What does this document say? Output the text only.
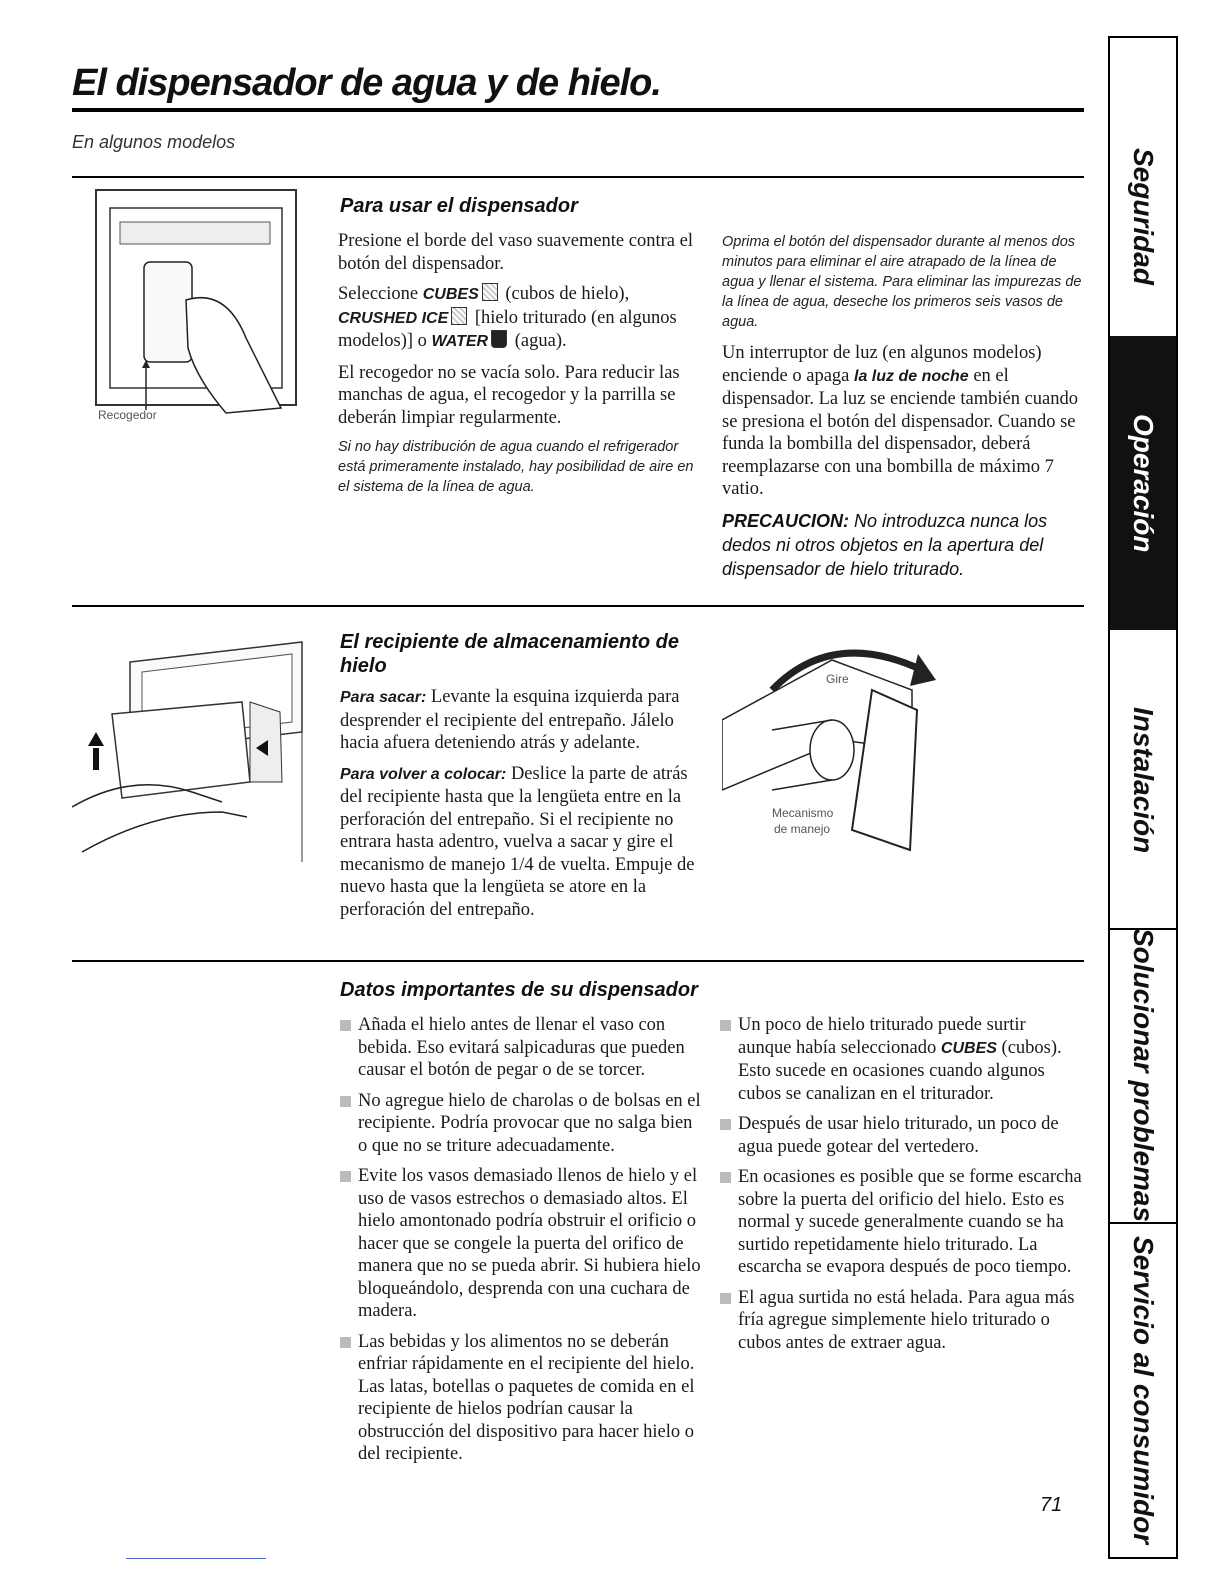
El dispensador de agua y de hielo.
En algunos modelos
Recogedor
Para usar el dispensador

Presione el borde del vaso suavemente contra el botón del dispensador.

Seleccione CUBES (cubos de hielo), CRUSHED ICE [hielo triturado (en algunos modelos)] o WATER (agua).

El recogedor no se vacía solo. Para reducir las manchas de agua, el recogedor y la parrilla se deberán limpiar regularmente.

Si no hay distribución de agua cuando el refrigerador está primeramente instalado, hay posibilidad de aire en el sistema de la línea de agua.

Oprima el botón del dispensador durante al menos dos minutos para eliminar el aire atrapado de la línea de agua y llenar el sistema. Para eliminar las impurezas de la línea de agua, deseche los primeros seis vasos de agua.

Un interruptor de luz (en algunos modelos) enciende o apaga la luz de noche en el dispensador. La luz se enciende también cuando se presiona el botón del dispensador. Cuando se funda la bombilla del dispensador, deberá reemplazarse con una bombilla de máximo 7 vatio.

PRECAUCION: No introduzca nunca los dedos ni otros objetos en la apertura del dispensador de hielo triturado.

El recipiente de almacenamiento de hielo

Para sacar: Levante la esquina izquierda para desprender el recipiente del entrepaño. Jálelo hacia afuera deteniendo atrás y adelante.

Para volver a colocar: Deslice la parte de atrás del recipiente hasta que la lengüeta entre en la perforación del entrepaño. Si el recipiente no entrara hasta adentro, vuelva a sacar y gire el mecanismo de manejo 1/4 de vuelta. Empuje de nuevo hasta que la lengüeta se atore en la perforación del entrepaño.

Gire
Mecanismo
de manejo
Datos importantes de su dispensador
Añada el hielo antes de llenar el vaso con bebida. Eso evitará salpicaduras que pueden causar el botón de pegar o de se torcer.
No agregue hielo de charolas o de bolsas en el recipiente. Podría provocar que no salga bien o que no se triture adecuadamente.
Evite los vasos demasiado llenos de hielo y el uso de vasos estrechos o demasiado altos. El hielo amontonado podría obstruir el orificio o hacer que se congele la puerta del orifico de manera que no se pueda abrir. Si hubiera hielo bloqueándolo, desprenda con una cuchara de madera.
Las bebidas y los alimentos no se deberán enfriar rápidamente en el recipiente del hielo. Las latas, botellas o paquetes de comida en el recipiente de hielos podrían causar la obstrucción del dispositivo para hacer hielo o del recipiente.
Un poco de hielo triturado puede surtir aunque había seleccionado CUBES (cubos). Esto sucede en ocasiones cuando algunos cubos se canalizan en el triturador.
Después de usar hielo triturado, un poco de agua puede gotear del vertedero.
En ocasiones es posible que se forme escarcha sobre la puerta del orificio del hielo. Esto es normal y sucede generalmente cuando se ha surtido repetidamente hielo triturado. La escarcha se evapora después de poco tiempo.
El agua surtida no está helada. Para agua más fría agregue simplemente hielo triturado o cubos antes de extraer agua.
71
Seguridad
Operación
Instalación
Solucionar problemas
Servicio al consumidor
